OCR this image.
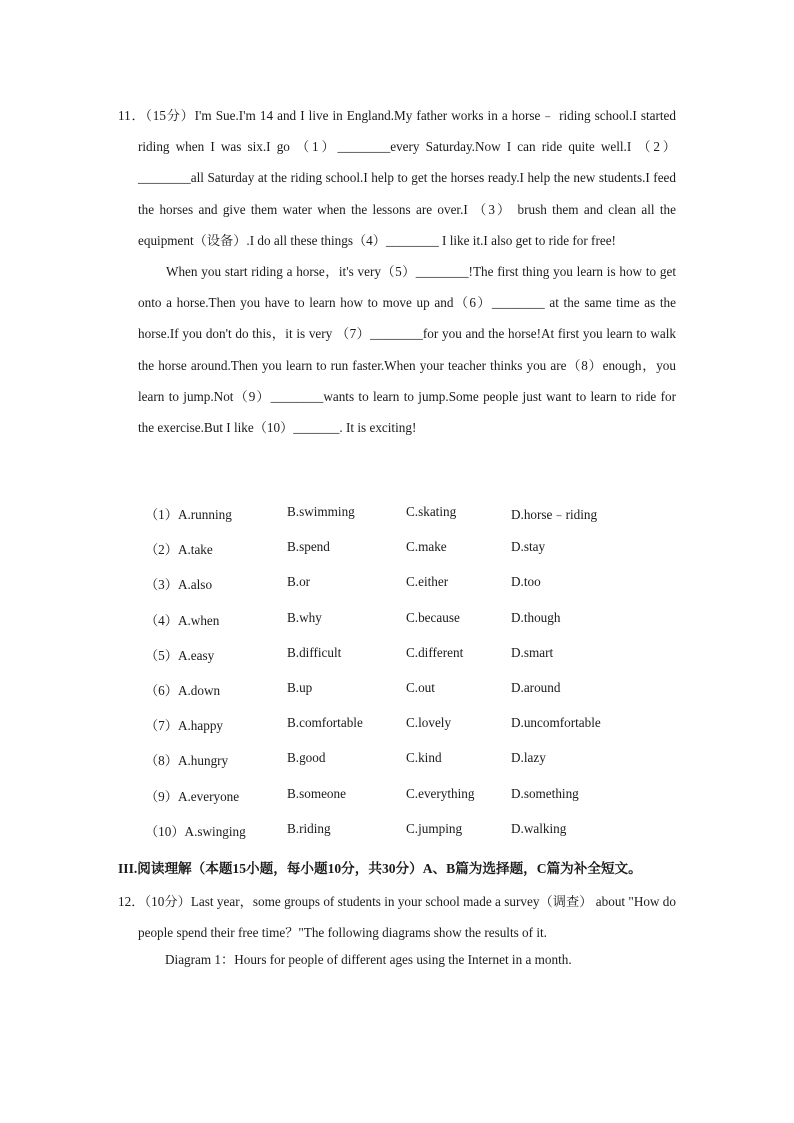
11．（15分）I'm Sue.I'm 14 and I live in England.My father works in a horse﹣ riding school.I started riding when I was six.I go （1）________every Saturday.Now I can ride quite well.I （2）________all Saturday at the riding school.I help to get the horses ready.I help the new students.I feed the horses and give them water when the lessons are over.I （3） brush them and clean all the equipment（设备）.I do all these things（4）________ I like it.I also get to ride for free!

When you start riding a horse，it's very（5）________!The first thing you learn is how to get onto a horse.Then you have to learn how to move up and（6）________ at the same time as the horse.If you don't do this，it is very （7）________for you and the horse!At first you learn to walk the horse around.Then you learn to run faster.When your teacher thinks you are（8）enough，you learn to jump.Not（9）________wants to learn to jump.Some people just want to learn to ride for the exercise.But I like（10）_______. It is exciting!

（1）A.running	B.swimming	C.skating	D.horse﹣riding
（2）A.take	B.spend	C.make	D.stay
（3）A.also	B.or	C.either	D.too
（4）A.when	B.why	C.because	D.though
（5）A.easy	B.difficult	C.different	D.smart
（6）A.down	B.up	C.out	D.around
（7）A.happy	B.comfortable	C.lovely	D.uncomfortable
（8）A.hungry	B.good	C.kind	D.lazy
（9）A.everyone	B.someone	C.everything	D.something
（10）A.swinging	B.riding	C.jumping	D.walking
III.阅读理解（本题15小题，每小题10分，共30分）A、B篇为选择题，C篇为补全短文。

12．（10分）Last year，some groups of students in your school made a survey（调查） about "How do people spend their free time？"The following diagrams show the results of it.

Diagram 1：Hours for people of different ages using the Internet in a month.
